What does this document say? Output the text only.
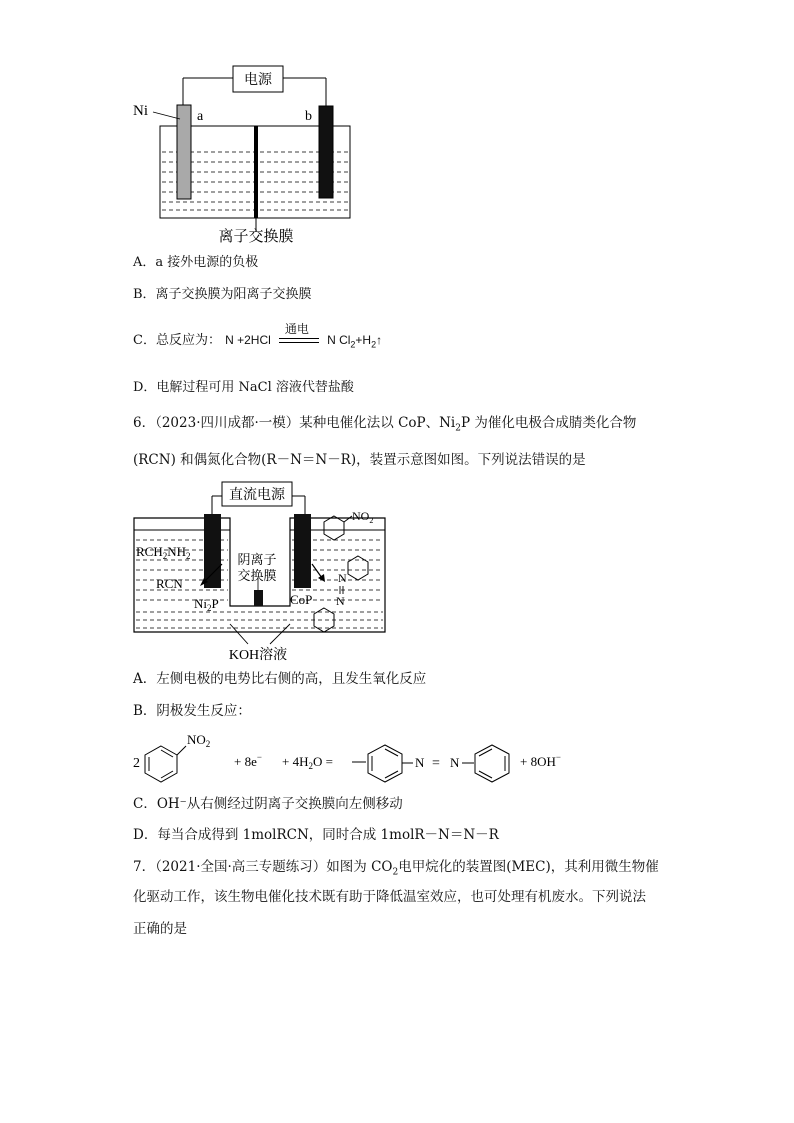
电源
Ni	a	b
离子交换膜
A．a 接外电源的负极
B．离子交换膜为阳离子交换膜
C．总反应为： N +2HCl
通电
N $Cl_2+H_2↑$
D．电解过程可用 NaCl 溶液代替盐酸
6．（2023·四川成都·一模）某种电催化法以 CoP、$Ni_2P$ 为催化电极合成腈类化合物
(RCN) 和偶氮化合物(R－N＝N－R)，装置示意图如图。下列说法错误的是
直流电源
$RCH_2NH_2$
RCN
$Ni_2P$
阴离子
交换膜
$NO_2$
N
N
CoP
KOH溶液
A．左侧电极的电势比右侧的高，且发生氧化反应
B．阴极发生反应：
2
$NO_2$
+ $8e^- + 4H_2O$ =	N = N	+ 8OH−
C．OH⁻从右侧经过阴离子交换膜向左侧移动
D．每当合成得到 1molRCN，同时合成 1molR－N＝N－R
7．（2021·全国·高三专题练习）如图为 $CO_2$电甲烷化的装置图(MEC)，其利用微生物催
化驱动工作，该生物电催化技术既有助于降低温室效应，也可处理有机废水。下列说法
正确的是
